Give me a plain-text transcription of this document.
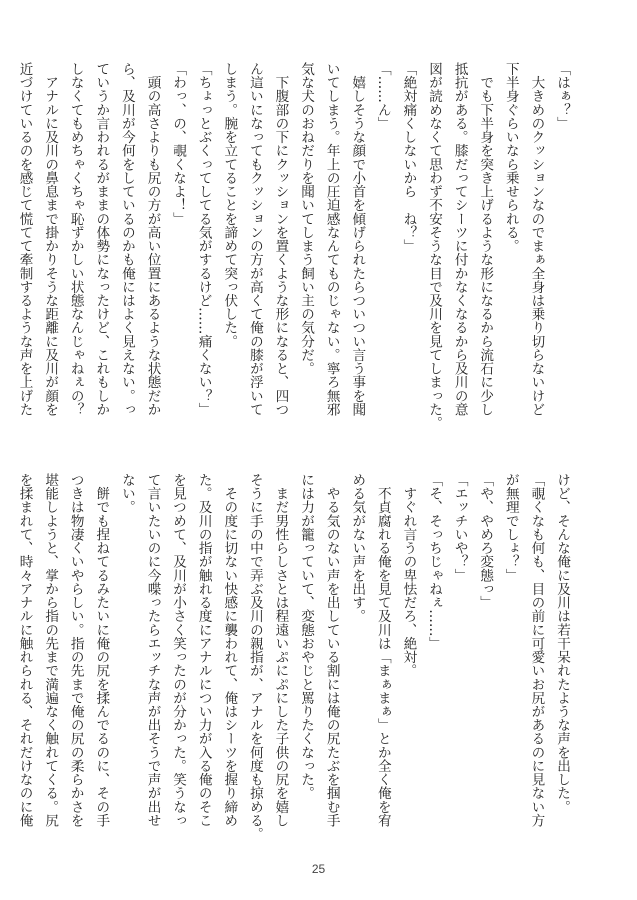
「はぁ？」

　大きめのクッションなのでまぁ全身は乗り切らないけど

下半身ぐらいなら乗せられる。

　でも下半身を突き上げるような形になるから流石に少し

抵抗がある。膝だってシーツに付かなくなるから及川の意

図が読めなくて思わず不安そうな目で及川を見てしまった。

「絶対痛くしないから　ね？」

「……ん」

　嬉しそうな顔で小首を傾げられたらついつい言う事を聞

いてしまう。年上の圧迫感なんてものじゃない。寧ろ無邪

気な犬のおねだりを聞いてしまう飼い主の気分だ。

　下腹部の下にクッションを置くような形になると、四つ

ん這いになってもクッションの方が高くて俺の膝が浮いて

しまう。腕を立てることを諦めて突っ伏した。

「ちょっとぶくってしてる気がするけど……痛くない？」

「わっ、の、覗くなよ！」

　頭の高さよりも尻の方が高い位置にあるような状態だか

ら、及川が今何をしているのかも俺にはよく見えない。っ

ていうか言われるがままの体勢になったけど、これもしか

しなくてもめちゃくちゃ恥ずかしい状態なんじゃねぇの？

　アナルに及川の鼻息まで掛かりそうな距離に及川が顔を

近づけているのを感じて慌てて牽制するような声を上げた

けど、そんな俺に及川は若干呆れたような声を出した。

「覗くなも何も、目の前に可愛いお尻があるのに見ない方

が無理でしょ？」

「や、やめろ変態っ」

「エッチいや？」

「そ、そっちじゃねぇ……」

　すぐれ言うの卑怯だろ、絶対。

　不貞腐れる俺を見て及川は「まぁまぁ」とか全く俺を宥

める気がない声を出す。

　やる気のない声を出している割には俺の尻たぶを掴む手

には力が籠っていて、変態おやじと罵りたくなった。

　まだ男性らしさとは程遠いぷにぷにした子供の尻を嬉し

そうに手の中で弄ぶ及川の親指が、アナルを何度も掠める。

　その度に切ない快感に襲われて、俺はシーツを握り締め

た。及川の指が触れる度にアナルについ力が入る俺のそこ

を見つめて、及川が小さく笑ったのが分かった。笑うなっ

て言いたいのに今喋ったらエッチな声が出そうで声が出せ

ない。

　餅でも捏ねてるみたいに俺の尻を揉んでるのに、その手

つきは物凄くいやらしい。指の先まで俺の尻の柔らかさを

堪能しようと、掌から指の先まで満遍なく触れてくる。尻

を揉まれて、時々アナルに触れられる、それだけなのに俺

25
